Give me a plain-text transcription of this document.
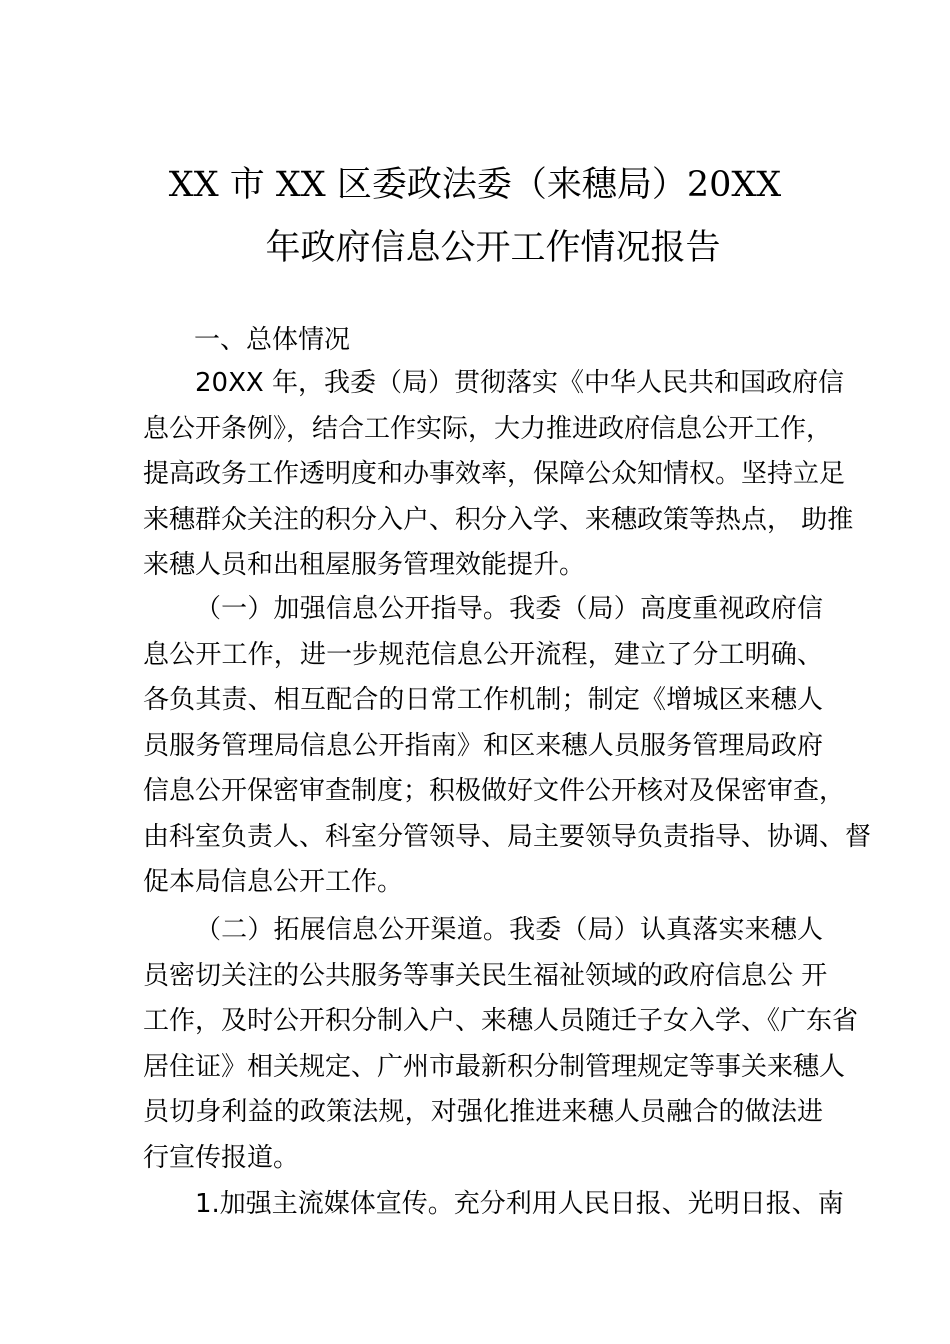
XX 市 XX 区委政法委（来穗局）20XX
年政府信息公开工作情况报告
一、总体情况
20XX 年，我委（局）贯彻落实《中华人民共和国政府信
息公开条例》，结合工作实际，大力推进政府信息公开工作，
提高政务工作透明度和办事效率，保障公众知情权。坚持立足
来穗群众关注的积分入户、积分入学、来穗政策等热点， 助推
来穗人员和出租屋服务管理效能提升。
（一）加强信息公开指导。我委（局）高度重视政府信
息公开工作，进一步规范信息公开流程，建立了分工明确、
各负其责、相互配合的日常工作机制；制定《增城区来穗人
员服务管理局信息公开指南》和区来穗人员服务管理局政府
信息公开保密审查制度；积极做好文件公开核对及保密审查，
由科室负责人、科室分管领导、局主要领导负责指导、协调、督
促本局信息公开工作。
（二）拓展信息公开渠道。我委（局）认真落实来穗人
员密切关注的公共服务等事关民生福祉领域的政府信息公 开
工作，及时公开积分制入户、来穗人员随迁子女入学、《广东省
居住证》相关规定、广州市最新积分制管理规定等事关来穗人
员切身利益的政策法规，对强化推进来穗人员融合的做法进
行宣传报道。
1.加强主流媒体宣传。充分利用人民日报、光明日报、南
